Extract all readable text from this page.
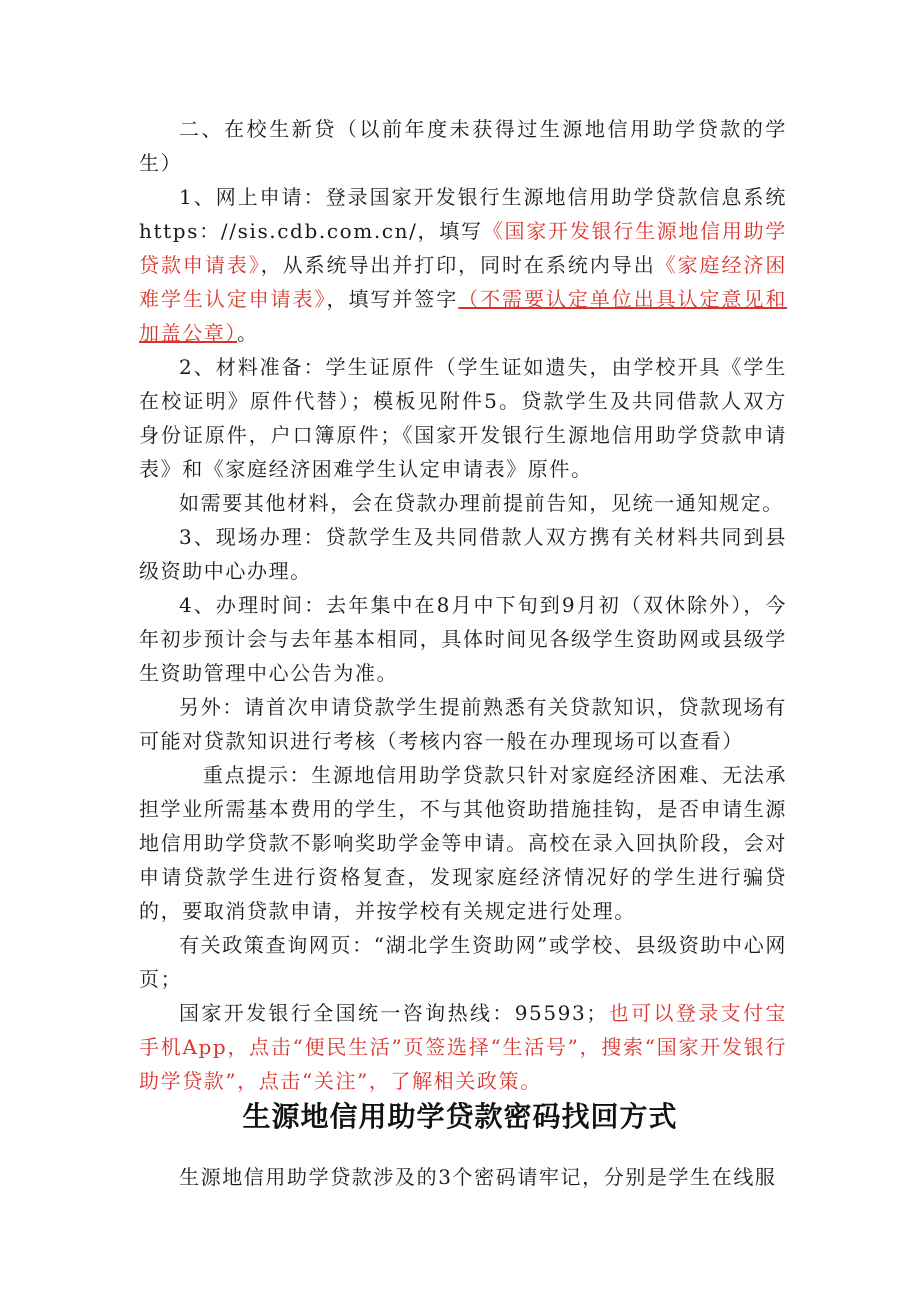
二、在校生新贷（以前年度未获得过生源地信用助学贷款的学生）

1、网上申请：登录国家开发银行生源地信用助学贷款信息系统https：//sis.cdb.com.cn/，填写《国家开发银行生源地信用助学贷款申请表》，从系统导出并打印，同时在系统内导出《家庭经济困难学生认定申请表》，填写并签字（不需要认定单位出具认定意见和加盖公章）。

2、材料准备：学生证原件（学生证如遗失，由学校开具《学生在校证明》原件代替）；模板见附件5。贷款学生及共同借款人双方身份证原件，户口簿原件；《国家开发银行生源地信用助学贷款申请表》和《家庭经济困难学生认定申请表》原件。

如需要其他材料，会在贷款办理前提前告知，见统一通知规定。

3、现场办理：贷款学生及共同借款人双方携有关材料共同到县级资助中心办理。

4、办理时间：去年集中在8月中下旬到9月初（双休除外），今年初步预计会与去年基本相同，具体时间见各级学生资助网或县级学生资助管理中心公告为准。

另外：请首次申请贷款学生提前熟悉有关贷款知识，贷款现场有可能对贷款知识进行考核（考核内容一般在办理现场可以查看）

重点提示：生源地信用助学贷款只针对家庭经济困难、无法承担学业所需基本费用的学生，不与其他资助措施挂钩，是否申请生源地信用助学贷款不影响奖助学金等申请。高校在录入回执阶段，会对申请贷款学生进行资格复查，发现家庭经济情况好的学生进行骗贷的，要取消贷款申请，并按学校有关规定进行处理。

有关政策查询网页：“湖北学生资助网”或学校、县级资助中心网页；

国家开发银行全国统一咨询热线：95593；也可以登录支付宝手机App，点击“便民生活”页签选择“生活号”，搜索“国家开发银行助学贷款”，点击“关注”，了解相关政策。

生源地信用助学贷款密码找回方式

生源地信用助学贷款涉及的3个密码请牢记，分别是学生在线服
